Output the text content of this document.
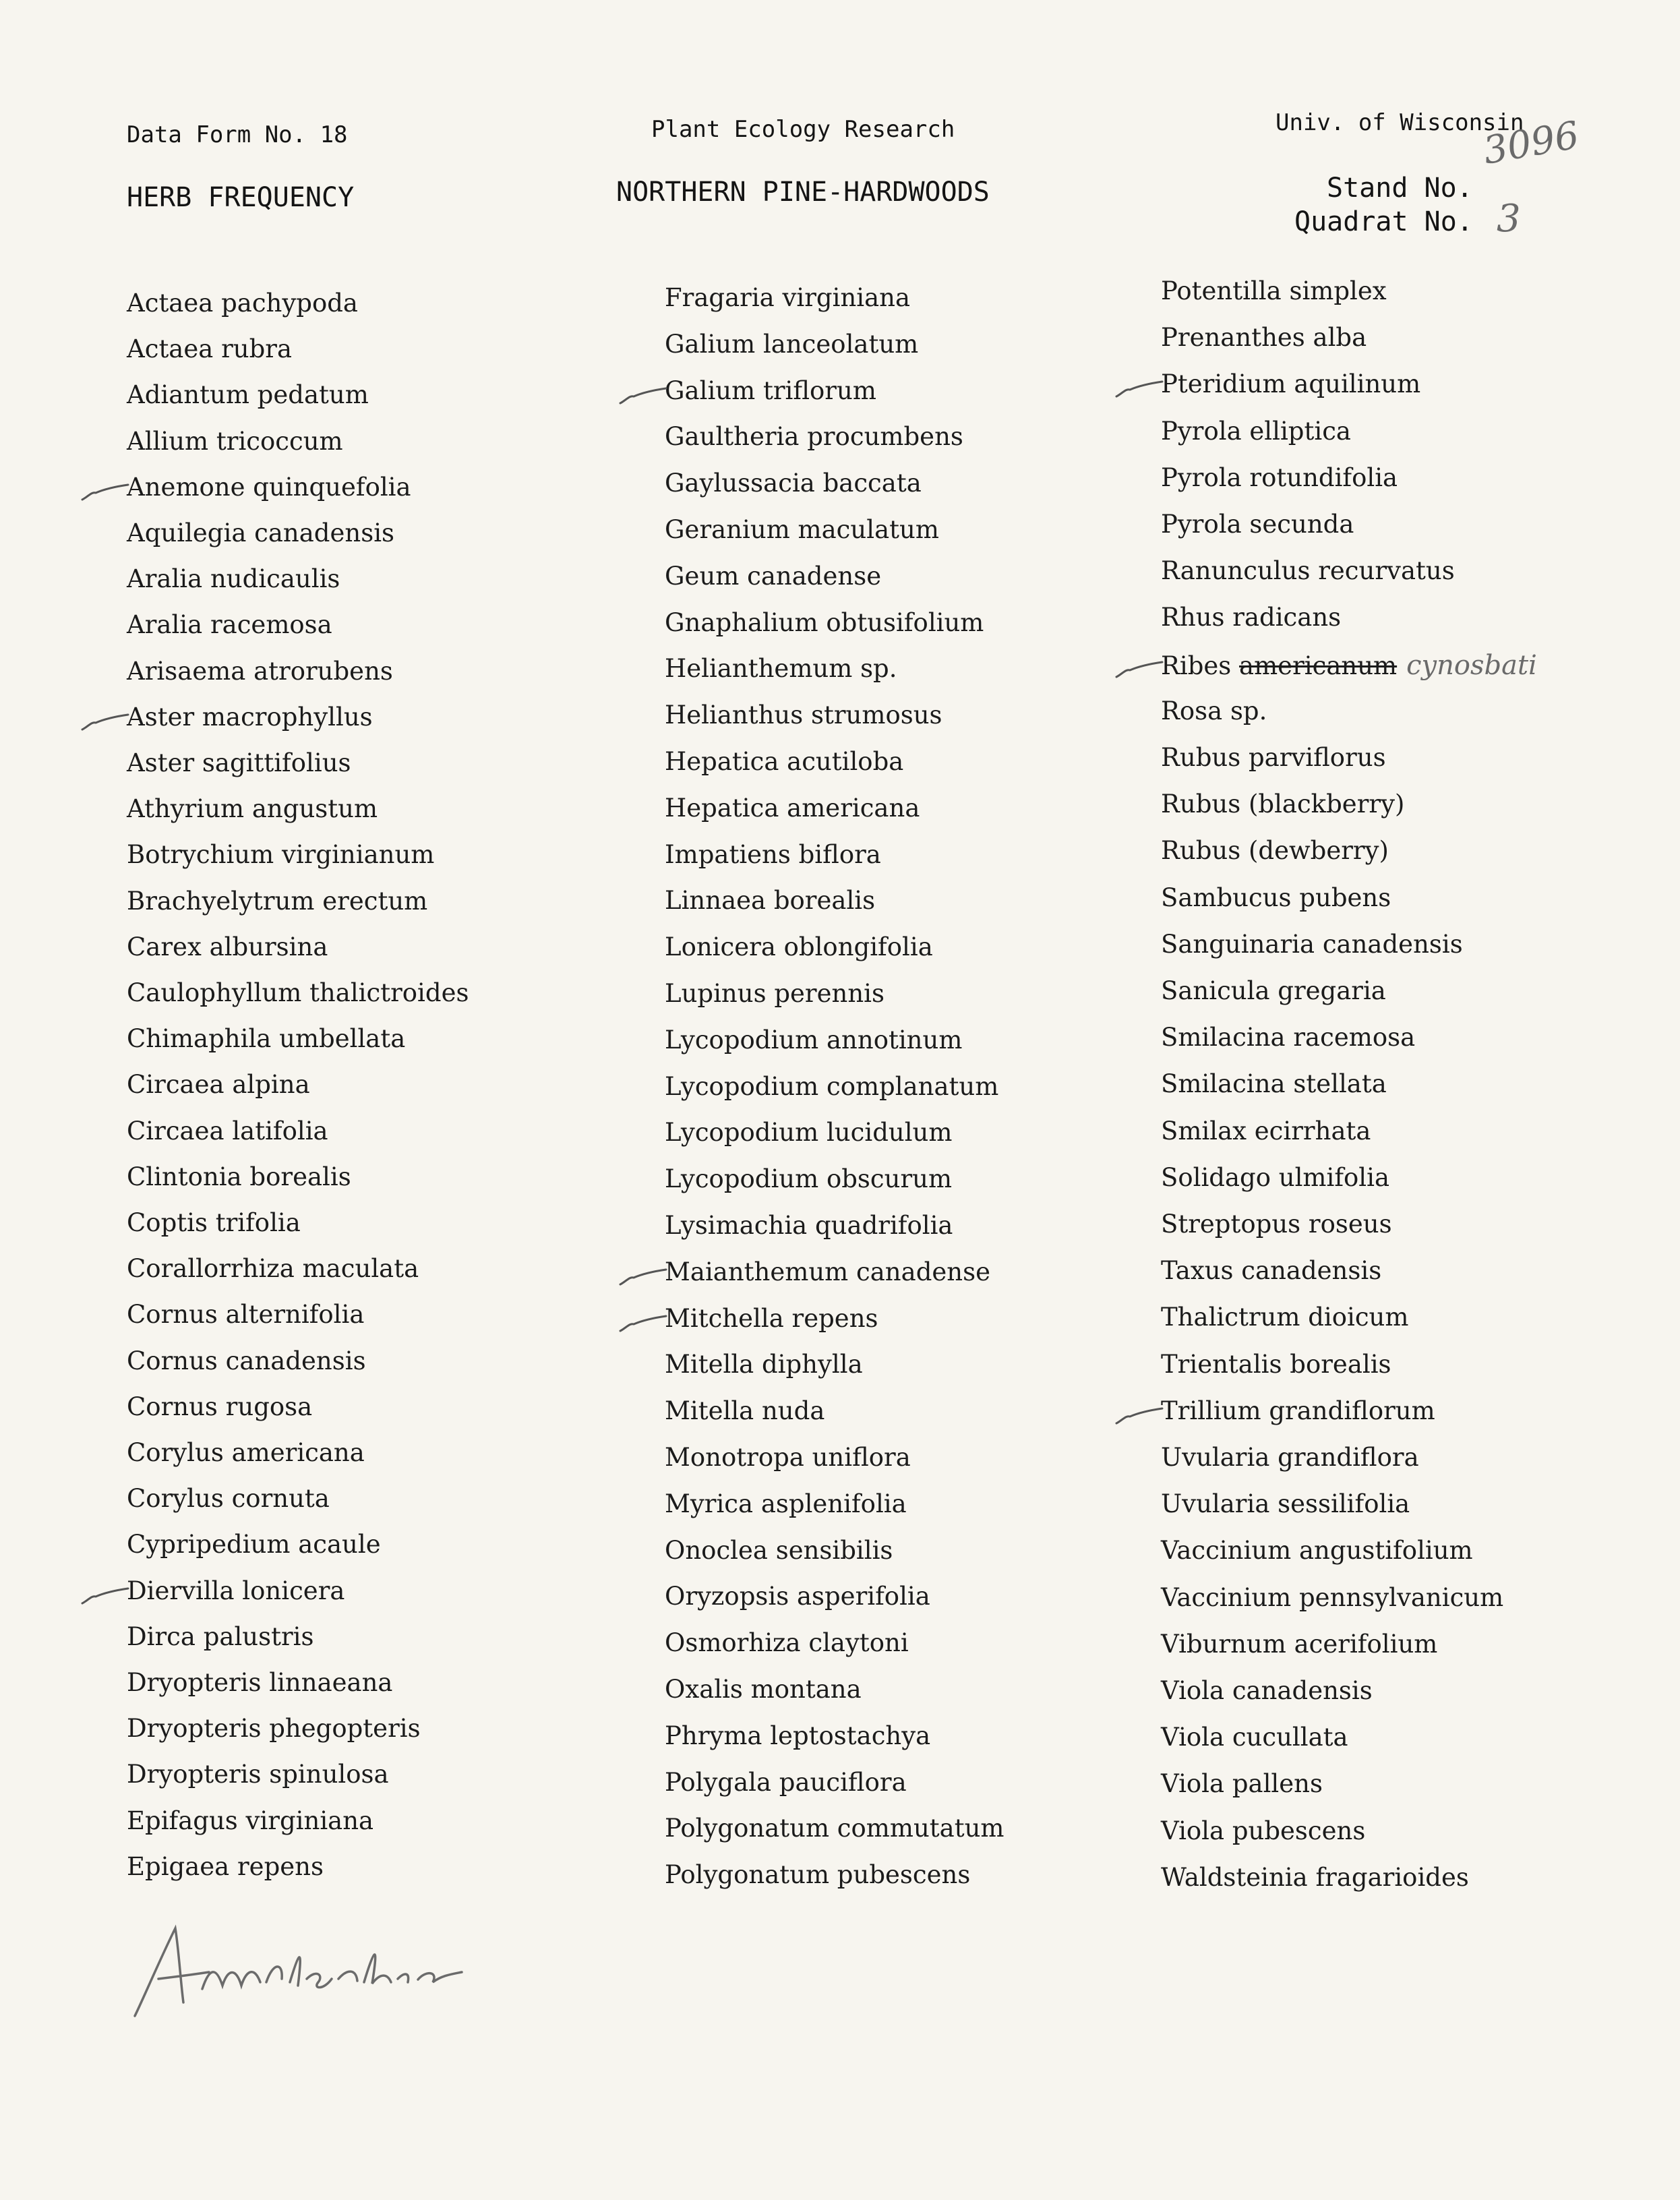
Data Form No. 18	Plant Ecology Research	Univ. of Wisconsin
HERB FREQUENCY	NORTHERN PINE-HARDWOODS	Stand No.
3096
Quadrat No. 3
Actaea pachypoda
Actaea rubra
Adiantum pedatum
Allium tricoccum
Anemone quinquefolia
Aquilegia canadensis
Aralia nudicaulis
Aralia racemosa
Arisaema atrorubens
Aster macrophyllus
Aster sagittifolius
Athyrium angustum
Botrychium virginianum
Brachyelytrum erectum
Carex albursina
Caulophyllum thalictroides
Chimaphila umbellata
Circaea alpina
Circaea latifolia
Clintonia borealis
Coptis trifolia
Corallorrhiza maculata
Cornus alternifolia
Cornus canadensis
Cornus rugosa
Corylus americana
Corylus cornuta
Cypripedium acaule
Diervilla lonicera
Dirca palustris
Dryopteris linnaeana
Dryopteris phegopteris
Dryopteris spinulosa
Epifagus virginiana
Epigaea repens
Fragaria virginiana
Galium lanceolatum
Galium triflorum
Gaultheria procumbens
Gaylussacia baccata
Geranium maculatum
Geum canadense
Gnaphalium obtusifolium
Helianthemum sp.
Helianthus strumosus
Hepatica acutiloba
Hepatica americana
Impatiens biflora
Linnaea borealis
Lonicera oblongifolia
Lupinus perennis
Lycopodium annotinum
Lycopodium complanatum
Lycopodium lucidulum
Lycopodium obscurum
Lysimachia quadrifolia
Maianthemum canadense
Mitchella repens
Mitella diphylla
Mitella nuda
Monotropa uniflora
Myrica asplenifolia
Onoclea sensibilis
Oryzopsis asperifolia
Osmorhiza claytoni
Oxalis montana
Phryma leptostachya
Polygala pauciflora
Polygonatum commutatum
Polygonatum pubescens
Potentilla simplex
Prenanthes alba
Pteridium aquilinum
Pyrola elliptica
Pyrola rotundifolia
Pyrola secunda
Ranunculus recurvatus
Rhus radicans
Ribes americanum cynosbati
Rosa sp.
Rubus parviflorus
Rubus (blackberry)
Rubus (dewberry)
Sambucus pubens
Sanguinaria canadensis
Sanicula gregaria
Smilacina racemosa
Smilacina stellata
Smilax ecirrhata
Solidago ulmifolia
Streptopus roseus
Taxus canadensis
Thalictrum dioicum
Trientalis borealis
Trillium grandiflorum
Uvularia grandiflora
Uvularia sessilifolia
Vaccinium angustifolium
Vaccinium pennsylvanicum
Viburnum acerifolium
Viola canadensis
Viola cucullata
Viola pallens
Viola pubescens
Waldsteinia fragarioides
